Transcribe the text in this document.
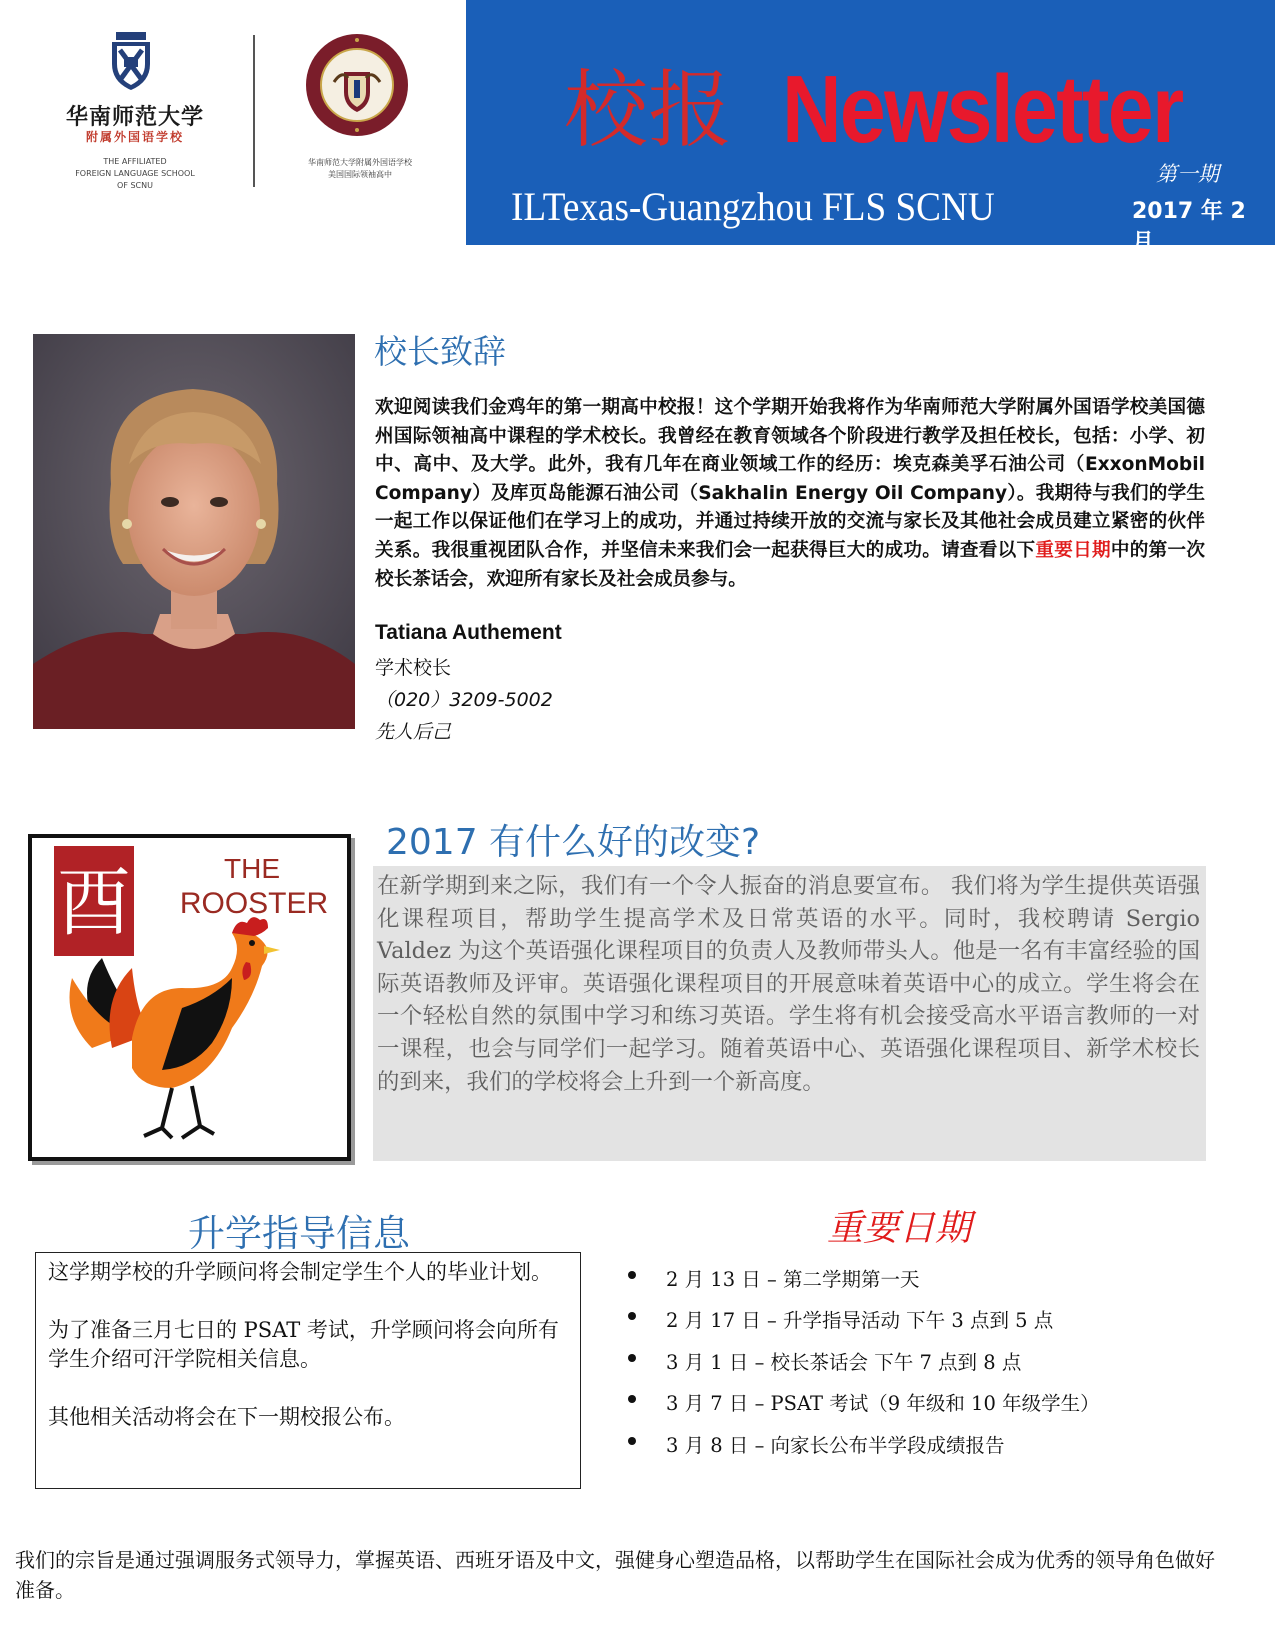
华南师范大学
附属外国语学校
THE AFFILIATED
FOREIGN LANGUAGE SCHOOL
OF SCNU
华南师范大学附属外国语学校
美国国际领袖高中
校报 Newsletter
第一期
ILTexas-Guangzhou FLS SCNU	2017 年 2 月
校长致辞
欢迎阅读我们金鸡年的第一期高中校报！这个学期开始我将作为华南师范大学附属外国语学校美国德州国际领袖高中课程的学术校长。我曾经在教育领域各个阶段进行教学及担任校长，包括：小学、初中、高中、及大学。此外，我有几年在商业领域工作的经历：埃克森美孚石油公司（ExxonMobil Company）及库页岛能源石油公司（Sakhalin Energy Oil Company）。我期待与我们的学生一起工作以保证他们在学习上的成功，并通过持续开放的交流与家长及其他社会成员建立紧密的伙伴关系。我很重视团队合作，并坚信未来我们会一起获得巨大的成功。请查看以下重要日期中的第一次校长茶话会，欢迎所有家长及社会成员参与。
Tatiana Authement
学术校长
（020）3209-5002
先人后己
酉	THE
ROOSTER
2017 有什么好的改变?
在新学期到来之际，我们有一个令人振奋的消息要宣布。 我们将为学生提供英语强化课程项目，帮助学生提高学术及日常英语的水平。同时，我校聘请 Sergio Valdez 为这个英语强化课程项目的负责人及教师带头人。他是一名有丰富经验的国际英语教师及评审。英语强化课程项目的开展意味着英语中心的成立。学生将会在一个轻松自然的氛围中学习和练习英语。学生将有机会接受高水平语言教师的一对一课程，也会与同学们一起学习。随着英语中心、英语强化课程项目、新学术校长的到来，我们的学校将会上升到一个新高度。
升学指导信息

这学期学校的升学顾问将会制定学生个人的毕业计划。

为了准备三月七日的 PSAT 考试，升学顾问将会向所有学生介绍可汗学院相关信息。

其他相关活动将会在下一期校报公布。

重要日期
2 月 13 日 – 第二学期第一天
2 月 17 日 – 升学指导活动 下午 3 点到 5 点
3 月 1 日 – 校长茶话会 下午 7 点到 8 点
3 月 7 日 – PSAT 考试（9 年级和 10 年级学生）
3 月 8 日 – 向家长公布半学段成绩报告
我们的宗旨是通过强调服务式领导力，掌握英语、西班牙语及中文，强健身心塑造品格，以帮助学生在国际社会成为优秀的领导角色做好准备。
